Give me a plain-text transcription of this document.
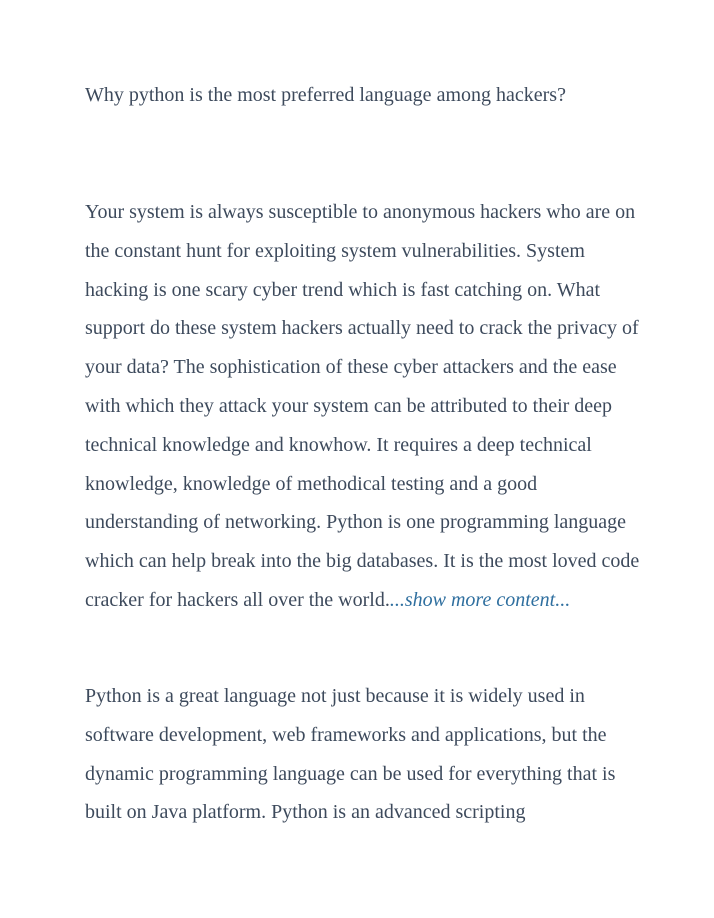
Why python is the most preferred language among hackers?

Your system is always susceptible to anonymous hackers who are on the constant hunt for exploiting system vulnerabilities. System hacking is one scary cyber trend which is fast catching on. What support do these system hackers actually need to crack the privacy of your data? The sophistication of these cyber attackers and the ease with which they attack your system can be attributed to their deep technical knowledge and knowhow. It requires a deep technical knowledge, knowledge of methodical testing and a good understanding of networking. Python is one programming language which can help break into the big databases. It is the most loved code cracker for hackers all over the world....show more content...

Python is a great language not just because it is widely used in software development, web frameworks and applications, but the dynamic programming language can be used for everything that is built on Java platform. Python is an advanced scripting
